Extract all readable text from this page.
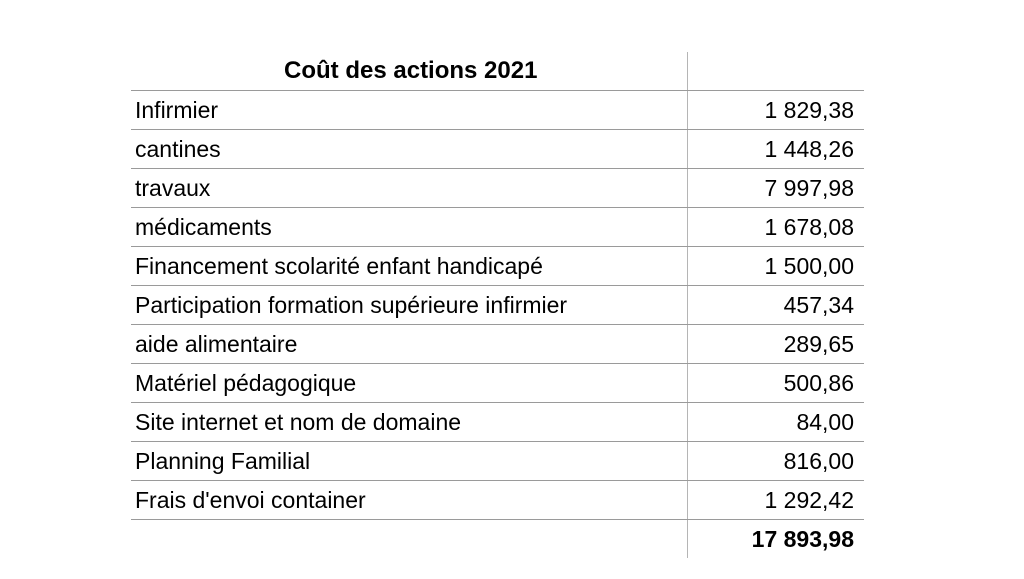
Coût des actions 2021	
Infirmier	1 829,38
cantines	1 448,26
travaux	7 997,98
médicaments	1 678,08
Financement scolarité enfant handicapé	1 500,00
Participation formation supérieure infirmier	457,34
aide alimentaire	289,65
Matériel pédagogique	500,86
Site internet et nom de domaine	84,00
Planning Familial	816,00
Frais d'envoi container	1 292,42
	17 893,98
